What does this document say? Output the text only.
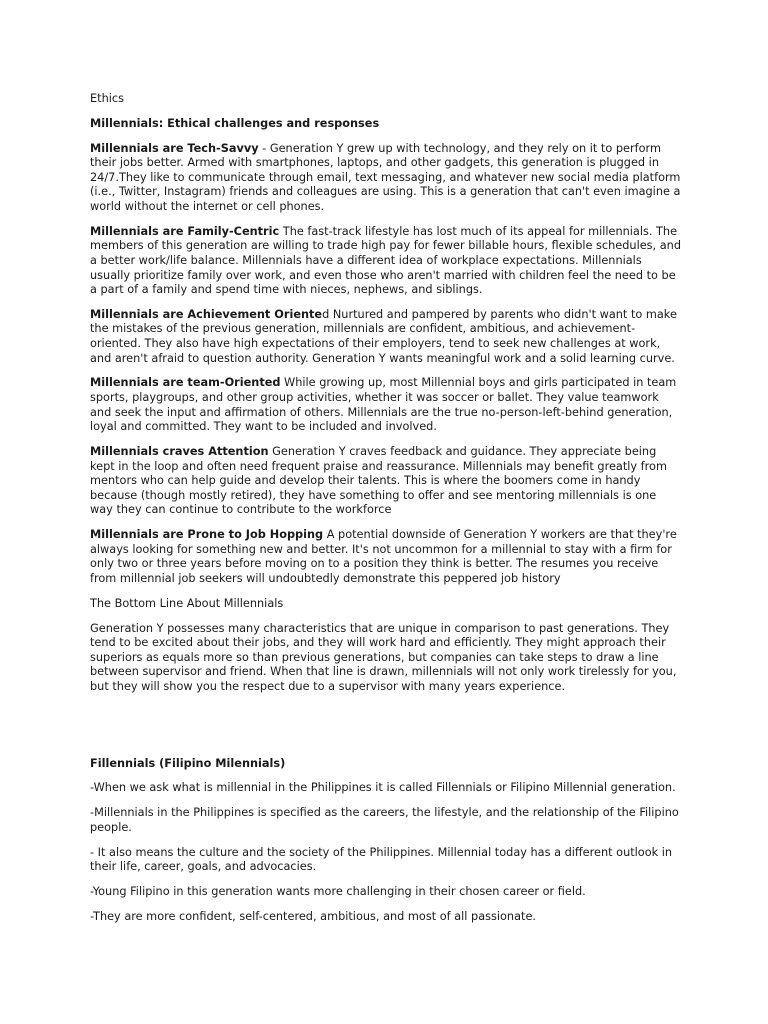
Ethics

Millennials: Ethical challenges and responses

Millennials are Tech-Savvy - Generation Y grew up with technology, and they rely on it to perform their jobs better. Armed with smartphones, laptops, and other gadgets, this generation is plugged in 24/7.They like to communicate through email, text messaging, and whatever new social media platform (i.e., Twitter, Instagram) friends and colleagues are using. This is a generation that can't even imagine a world without the internet or cell phones.

Millennials are Family-Centric The fast-track lifestyle has lost much of its appeal for millennials. The members of this generation are willing to trade high pay for fewer billable hours, flexible schedules, and a better work/life balance. Millennials have a different idea of workplace expectations. Millennials usually prioritize family over work, and even those who aren't married with children feel the need to be a part of a family and spend time with nieces, nephews, and siblings.

Millennials are Achievement Oriented Nurtured and pampered by parents who didn't want to make the mistakes of the previous generation, millennials are confident, ambitious, and achievement-oriented. They also have high expectations of their employers, tend to seek new challenges at work, and aren't afraid to question authority. Generation Y wants meaningful work and a solid learning curve.

Millennials are team-Oriented While growing up, most Millennial boys and girls participated in team sports, playgroups, and other group activities, whether it was soccer or ballet. They value teamwork and seek the input and affirmation of others. Millennials are the true no-person-left-behind generation, loyal and committed. They want to be included and involved.

Millennials craves Attention Generation Y craves feedback and guidance. They appreciate being kept in the loop and often need frequent praise and reassurance. Millennials may benefit greatly from mentors who can help guide and develop their talents. This is where the boomers come in handy because (though mostly retired), they have something to offer and see mentoring millennials is one way they can continue to contribute to the workforce

Millennials are Prone to Job Hopping A potential downside of Generation Y workers are that they're always looking for something new and better. It's not uncommon for a millennial to stay with a firm for only two or three years before moving on to a position they think is better. The resumes you receive from millennial job seekers will undoubtedly demonstrate this peppered job history

The Bottom Line About Millennials

Generation Y possesses many characteristics that are unique in comparison to past generations. They tend to be excited about their jobs, and they will work hard and efficiently. They might approach their superiors as equals more so than previous generations, but companies can take steps to draw a line between supervisor and friend. When that line is drawn, millennials will not only work tirelessly for you, but they will show you the respect due to a supervisor with many years experience.

Fillennials (Filipino Milennials)

-When we ask what is millennial in the Philippines it is called Fillennials or Filipino Millennial generation.

-Millennials in the Philippines is specified as the careers, the lifestyle, and the relationship of the Filipino people.

- It also means the culture and the society of the Philippines. Millennial today has a different outlook in their life, career, goals, and advocacies.

-Young Filipino in this generation wants more challenging in their chosen career or field.

-They are more confident, self-centered, ambitious, and most of all passionate.
